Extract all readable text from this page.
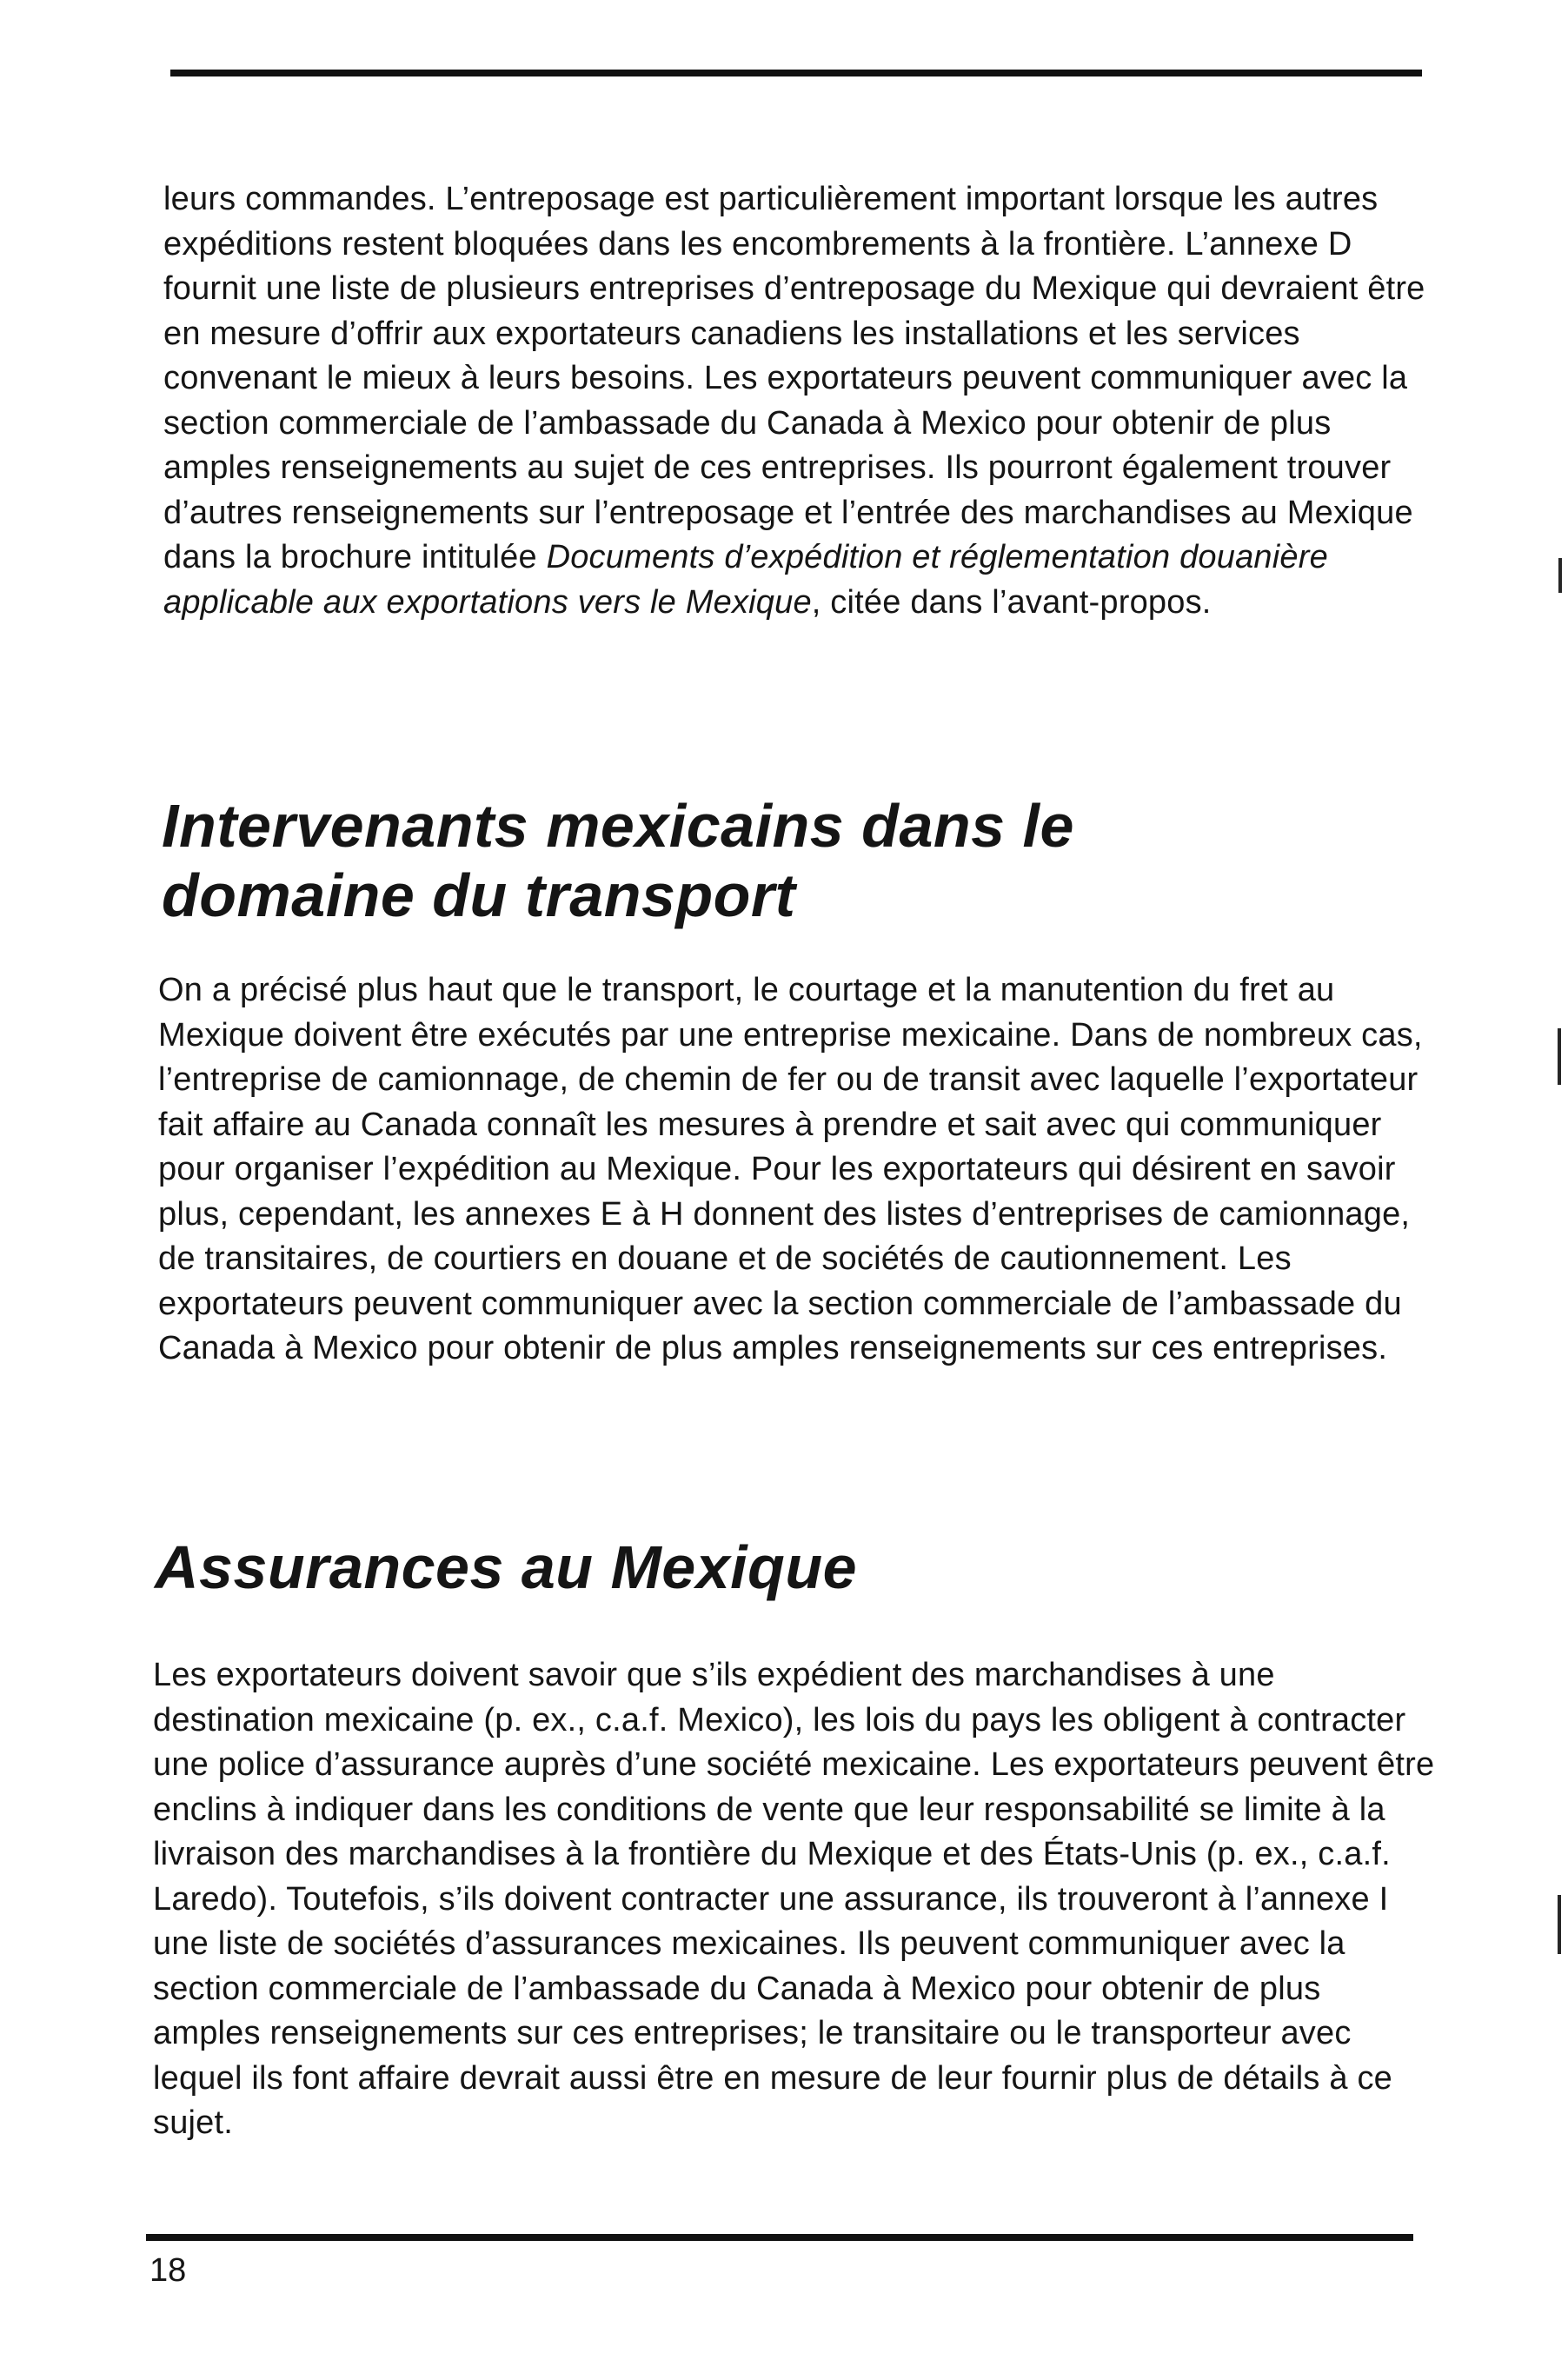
leurs commandes. L’entreposage est particulièrement important lorsque les autres expéditions restent bloquées dans les encombrements à la frontière. L’annexe D fournit une liste de plusieurs entreprises d’entreposage du Mexique qui devraient être en mesure d’offrir aux exportateurs canadiens les installations et les services convenant le mieux à leurs besoins. Les exportateurs peuvent communiquer avec la section commerciale de l’ambassade du Canada à Mexico pour obtenir de plus amples renseignements au sujet de ces entreprises. Ils pourront également trouver d’autres renseignements sur l’entreposage et l’entrée des marchandises au Mexique dans la brochure intitulée Documents d’expédition et réglementation douanière applicable aux exportations vers le Mexique, citée dans l’avant-propos.

Intervenants mexicains dans le
domaine du transport

On a précisé plus haut que le transport, le courtage et la manutention du fret au Mexique doivent être exécutés par une entreprise mexicaine. Dans de nombreux cas, l’entreprise de camionnage, de chemin de fer ou de transit avec laquelle l’exportateur fait affaire au Canada connaît les mesures à prendre et sait avec qui communiquer pour organiser l’expédition au Mexique. Pour les exportateurs qui désirent en savoir plus, cependant, les annexes E à H donnent des listes d’entreprises de camionnage, de transitaires, de courtiers en douane et de sociétés de cautionnement. Les exportateurs peuvent communiquer avec la section commerciale de l’ambassade du Canada à Mexico pour obtenir de plus amples renseignements sur ces entreprises.

Assurances au Mexique

Les exportateurs doivent savoir que s’ils expédient des marchandises à une destination mexicaine (p. ex., c.a.f. Mexico), les lois du pays les obligent à contracter une police d’assurance auprès d’une société mexicaine. Les exportateurs peuvent être enclins à indiquer dans les conditions de vente que leur responsabilité se limite à la livraison des marchandises à la frontière du Mexique et des États-Unis (p. ex., c.a.f. Laredo). Toutefois, s’ils doivent contracter une assurance, ils trouveront à l’annexe I une liste de sociétés d’assurances mexicaines. Ils peuvent communiquer avec la section commerciale de l’ambassade du Canada à Mexico pour obtenir de plus amples renseignements sur ces entreprises; le transitaire ou le transporteur avec lequel ils font affaire devrait aussi être en mesure de leur fournir plus de détails à ce sujet.

18
